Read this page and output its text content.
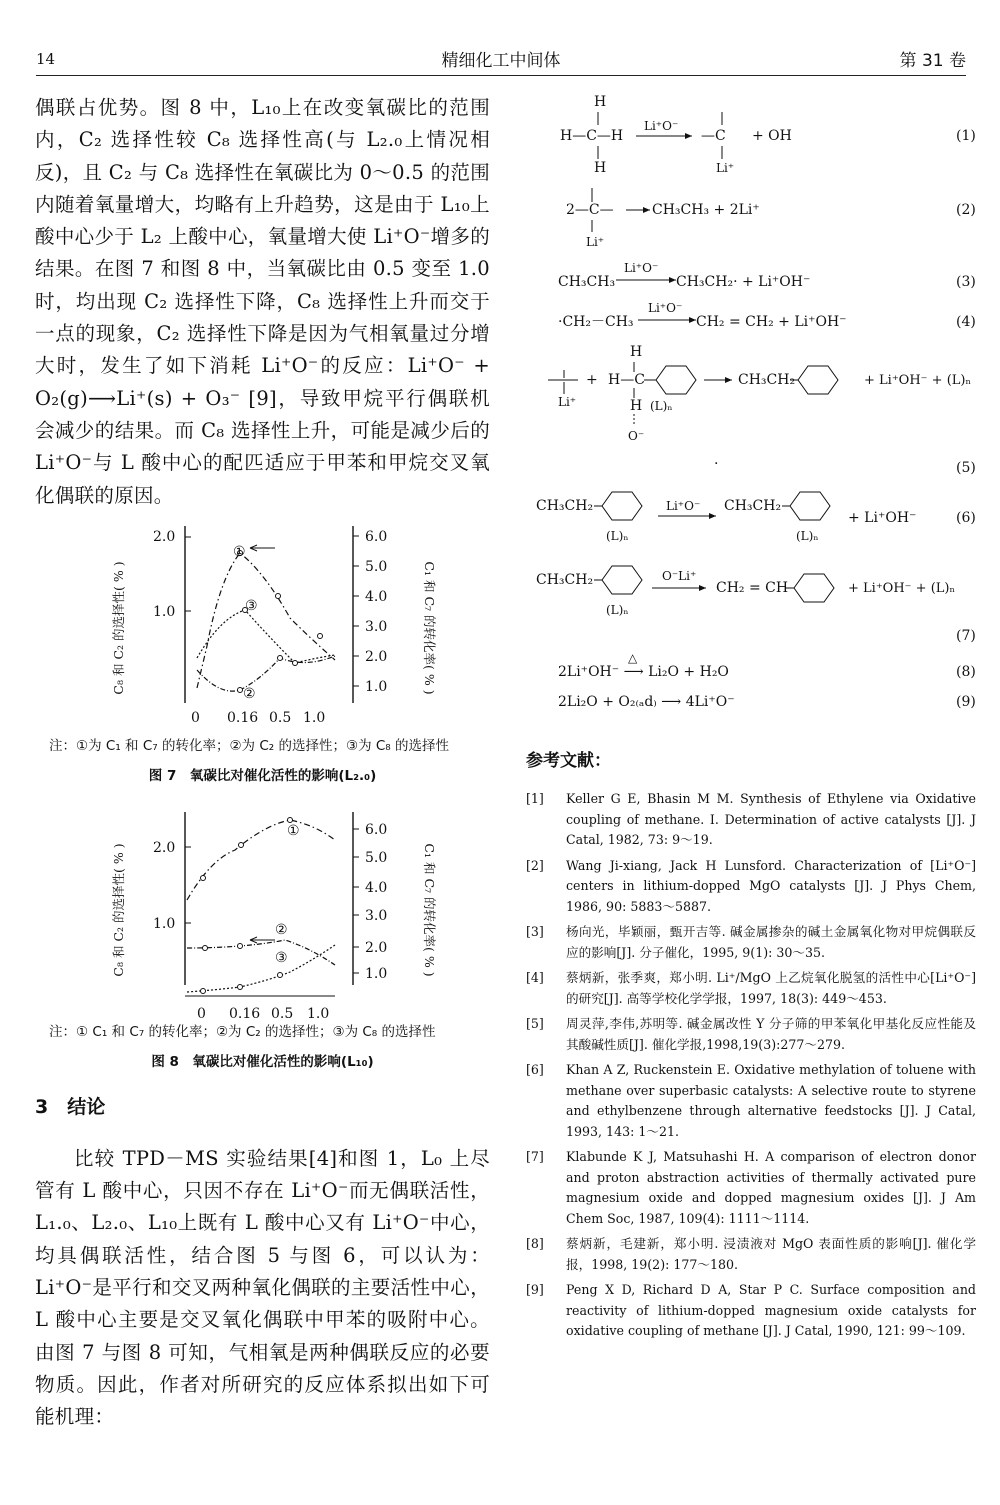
14	精细化工中间体	第 31 卷

偶联占优势。图 8 中，L₁₀上在改变氧碳比的范围内，C₂ 选择性较 C₈ 选择性高(与 L₂.₀上情况相反)，且 C₂ 与 C₈ 选择性在氧碳比为 0～0.5 的范围内随着氧量增大，均略有上升趋势，这是由于 L₁₀上酸中心少于 L₂ 上酸中心，氧量增大使 Li⁺O⁻增多的结果。在图 7 和图 8 中，当氧碳比由 0.5 变至 1.0 时，均出现 C₂ 选择性下降，C₈ 选择性上升而交于一点的现象，C₂ 选择性下降是因为气相氧量过分增大时，发生了如下消耗 Li⁺O⁻的反应：Li⁺O⁻ + O₂(g)⟶Li⁺(s) + O₃⁻ [9]，导致甲烷平行偶联机会减少的结果。而 C₈ 选择性上升，可能是减少后的 Li⁺O⁻与 L 酸中心的配匹适应于甲苯和甲烷交叉氧化偶联的原因。

C₈ 和 C₂ 的选择性( % )	C₁ 和 C₇ 的转化率( % )
2.0
1.0
6.0
5.0
4.0
3.0
2.0
1.0
0 0.16 0.5 1.0
①
②
③
注：①为 C₁ 和 C₇ 的转化率；②为 C₂ 的选择性；③为 C₈ 的选择性
图 7　氧碳比对催化活性的影响(L₂.₀)
C₈ 和 C₂ 的选择性( % )	C₁ 和 C₇ 的转化率( % )
2.0
1.0
6.0
5.0
4.0
3.0
2.0
1.0
0 0.16 0.5 1.0
①
②
③
注：① C₁ 和 C₇ 的转化率；②为 C₂ 的选择性；③为 C₈ 的选择性
图 8　氧碳比对催化活性的影响(L₁₀)
3　结论

比较 TPD－MS 实验结果[4]和图 1，L₀ 上尽管有 L 酸中心，只因不存在 Li⁺O⁻而无偶联活性，L₁.₀、L₂.₀、L₁₀上既有 L 酸中心又有 Li⁺O⁻中心，均具偶联活性，结合图 5 与图 6，可以认为：Li⁺O⁻是平行和交叉两种氧化偶联的主要活性中心，L 酸中心主要是交叉氧化偶联中甲苯的吸附中心。由图 7 与图 8 可知，气相氧是两种偶联反应的必要物质。因此，作者对所研究的反应体系拟出如下可能机理：

H
H—C—H
H
Li⁺O⁻
—C
Li⁺
+ OH	(1)
2—C—
Li⁺
CH₃CH₃ + 2Li⁺	(2)
CH₃CH₃
Li⁺O⁻
CH₃CH₂· + Li⁺OH⁻	(3)
·CH₂－CH₃
Li⁺O⁻
CH₂ = CH₂ + Li⁺OH⁻	(4)
H
Li⁺
+ H—C
H (L)ₙ
O⁻
CH₃CH₂	+ Li⁺OH⁻ + (L)ₙ
.	(5)
CH₃CH₂
(L)ₙ
Li⁺O⁻ CH₃CH₂
(L)ₙ
+ Li⁺OH⁻	(6)
CH₃CH₂
(L)ₙ
O⁻Li⁺
CH₂ = CH	+ Li⁺OH⁻ + (L)ₙ
(7)
△
2Li⁺OH⁻ ⟶ Li₂O + H₂O	(8)
2Li₂O + O₂₍ₐd₎ ⟶ 4Li⁺O⁻	(9)
参考文献：
[1]	Keller G E, Bhasin M M. Synthesis of Ethylene via Oxidative coupling of methane. I. Determination of active catalysts [J]. J Catal, 1982, 73: 9～19.
[2]	Wang Ji-xiang, Jack H Lunsford. Characterization of [Li⁺O⁻] centers in lithium-dopped MgO catalysts [J]. J Phys Chem, 1986, 90: 5883～5887.
[3]	杨向光，毕颖丽，甄开吉等. 碱金属掺杂的碱土金属氧化物对甲烷偶联反应的影响[J]. 分子催化，1995, 9(1): 30～35.
[4]	蔡炳新，张季爽，郑小明. Li⁺/MgO 上乙烷氧化脱氢的活性中心[Li⁺O⁻] 的研究[J]. 高等学校化学学报，1997, 18(3): 449～453.
[5]	周灵萍,李伟,苏明等. 碱金属改性 Y 分子筛的甲苯氧化甲基化反应性能及其酸碱性质[J]. 催化学报,1998,19(3):277～279.
[6]	Khan A Z, Ruckenstein E. Oxidative methylation of toluene with methane over superbasic catalysts: A selective route to styrene and ethylbenzene through alternative feedstocks [J]. J Catal, 1993, 143: 1～21.
[7]	Klabunde K J, Matsuhashi H. A comparison of electron donor and proton abstraction activities of thermally activated pure magnesium oxide and dopped magnesium oxides [J]. J Am Chem Soc, 1987, 109(4): 1111～1114.
[8]	蔡炳新，毛建新，郑小明. 浸渍液对 MgO 表面性质的影响[J]. 催化学报，1998, 19(2): 177～180.
[9]	Peng X D, Richard D A, Star P C. Surface composition and reactivity of lithium-dopped magnesium oxide catalysts for oxidative coupling of methane [J]. J Catal, 1990, 121: 99～109.
